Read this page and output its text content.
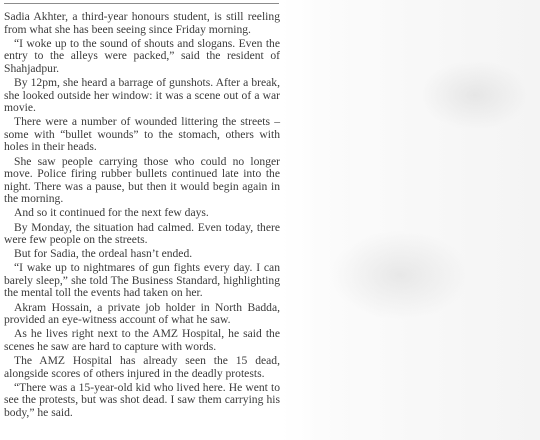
Sadia Akhter, a third-year honours student, is still reeling from what she has been seeing since Friday morning.

“I woke up to the sound of shouts and slogans. Even the entry to the alleys were packed,” said the resident of Shahjadpur.

By 12pm, she heard a barrage of gunshots. After a break, she looked outside her window: it was a scene out of a war movie.

There were a number of wounded littering the streets – some with “bullet wounds” to the stomach, others with holes in their heads.

She saw people carrying those who could no longer move. Police firing rubber bullets continued late into the night. There was a pause, but then it would begin again in the morning.

And so it continued for the next few days.

By Monday, the situation had calmed. Even today, there were few people on the streets.

But for Sadia, the ordeal hasn’t ended.

“I wake up to nightmares of gun fights every day. I can barely sleep,” she told The Business Standard, highlighting the mental toll the events had taken on her.

Akram Hossain, a private job holder in North Badda, provided an eye-witness account of what he saw.

As he lives right next to the AMZ Hospital, he said the scenes he saw are hard to capture with words.

The AMZ Hospital has already seen the 15 dead, alongside scores of others injured in the deadly protests.

“There was a 15-year-old kid who lived here. He went to see the protests, but was shot dead. I saw them carrying his body,” he said.
